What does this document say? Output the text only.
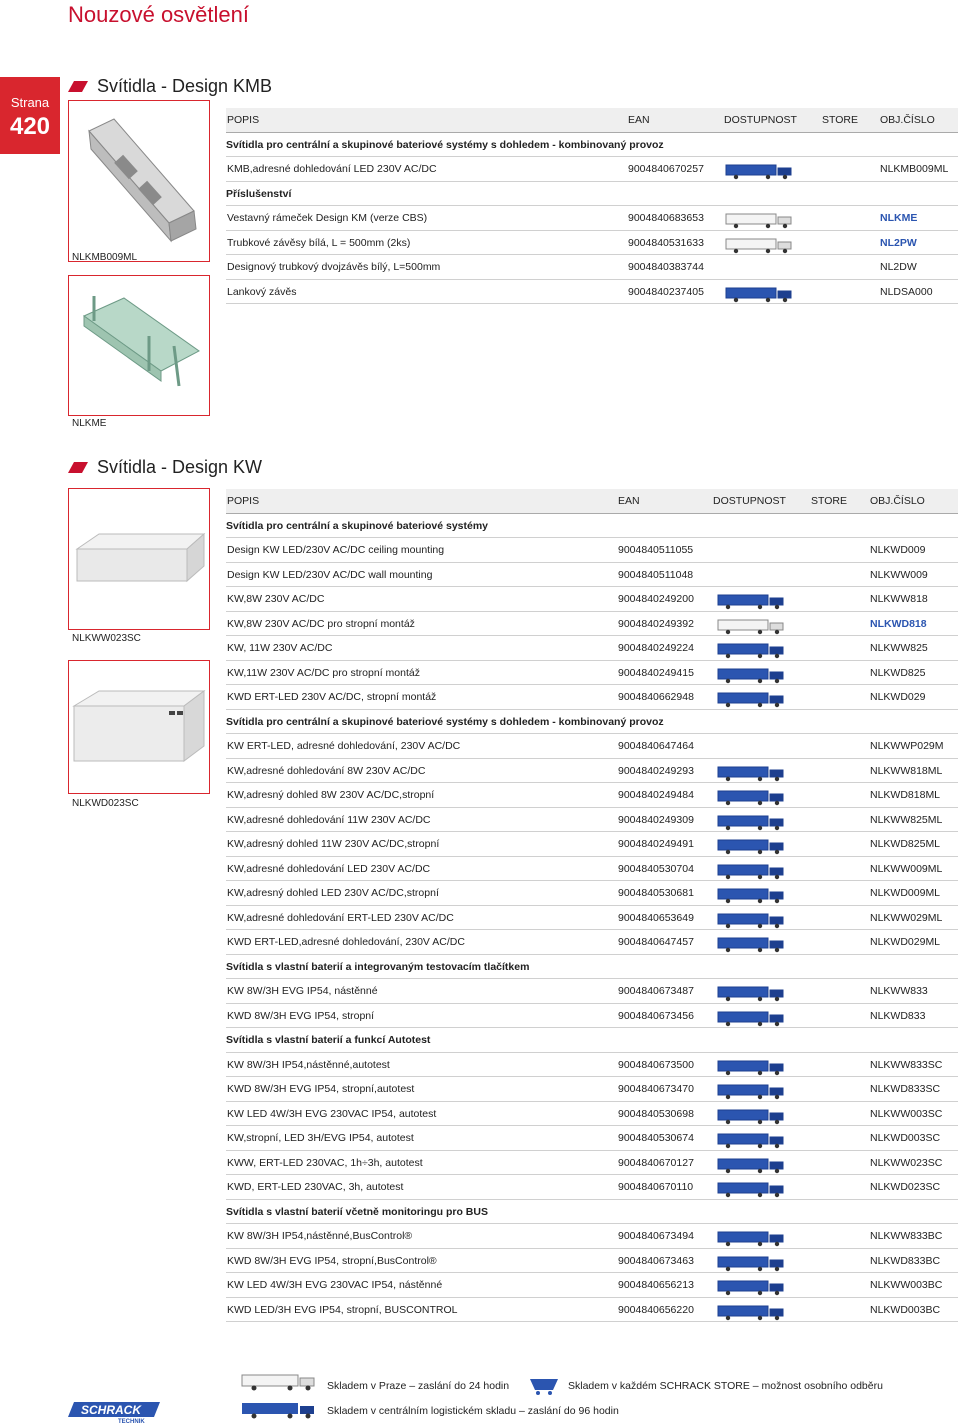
Nouzové osvětlení
Strana
420
Svítidla - Design KMB
NLKMB009ML
NLKME
POPIS	EAN	DOSTUPNOST STORE OBJ.ČÍSLO
Svítidla pro centrální a skupinové bateriové systémy s dohledem - kombinovaný provoz
KMB,adresné dohledování LED 230V AC/DC	9004840670257	NLKMB009ML
Příslušenství
Vestavný rámeček Design KM (verze CBS)	9004840683653	NLKME
Trubkové závěsy bílá, L = 500mm (2ks)	9004840531633	NL2PW
Designový trubkový dvojzávěs bílý, L=500mm	9004840383744	NL2DW
Lankový závěs	9004840237405	NLDSA000
Svítidla - Design KW
NLKWW023SC
NLKWD023SC
POPIS	EAN	DOSTUPNOST STORE OBJ.ČÍSLO
Svítidla pro centrální a skupinové bateriové systémy
Design KW LED/230V AC/DC ceiling mounting	9004840511055	NLKWD009
Design KW LED/230V AC/DC wall mounting	9004840511048	NLKWW009
KW,8W 230V AC/DC	9004840249200	NLKWW818
KW,8W 230V AC/DC pro stropní montáž	9004840249392	NLKWD818
KW, 11W 230V AC/DC	9004840249224	NLKWW825
KW,11W 230V AC/DC pro stropní montáž	9004840249415	NLKWD825
KWD ERT-LED 230V AC/DC, stropní montáž	9004840662948	NLKWD029
Svítidla pro centrální a skupinové bateriové systémy s dohledem - kombinovaný provoz
KW ERT-LED, adresné dohledování, 230V AC/DC	9004840647464	NLKWWP029M
KW,adresné dohledování 8W 230V AC/DC	9004840249293	NLKWW818ML
KW,adresný dohled 8W 230V AC/DC,stropní	9004840249484	NLKWD818ML
KW,adresné dohledování 11W 230V AC/DC	9004840249309	NLKWW825ML
KW,adresný dohled 11W 230V AC/DC,stropní	9004840249491	NLKWD825ML
KW,adresné dohledování LED 230V AC/DC	9004840530704	NLKWW009ML
KW,adresný dohled LED 230V AC/DC,stropní	9004840530681	NLKWD009ML
KW,adresné dohledování ERT-LED 230V AC/DC	9004840653649	NLKWW029ML
KWD ERT-LED,adresné dohledování, 230V AC/DC	9004840647457	NLKWD029ML
Svítidla s vlastní baterií a integrovaným testovacím tlačítkem
KW 8W/3H EVG IP54, nástěnné	9004840673487	NLKWW833
KWD 8W/3H EVG IP54, stropní	9004840673456	NLKWD833
Svítidla s vlastní baterií a funkcí Autotest
KW 8W/3H IP54,nástěnné,autotest	9004840673500	NLKWW833SC
KWD 8W/3H EVG IP54, stropní,autotest	9004840673470	NLKWD833SC
KW LED 4W/3H EVG 230VAC IP54, autotest	9004840530698	NLKWW003SC
KW,stropní, LED 3H/EVG IP54, autotest	9004840530674	NLKWD003SC
KWW, ERT-LED 230VAC, 1h÷3h, autotest	9004840670127	NLKWW023SC
KWD, ERT-LED 230VAC, 3h, autotest	9004840670110	NLKWD023SC
Svítidla s vlastní baterií včetně monitoringu pro BUS
KW 8W/3H IP54,nástěnné,BusControl®	9004840673494	NLKWW833BC
KWD 8W/3H EVG IP54, stropní,BusControl®	9004840673463	NLKWD833BC
KW LED 4W/3H EVG 230VAC IP54, nástěnné	9004840656213	NLKWW003BC
KWD LED/3H EVG IP54, stropní, BUSCONTROL	9004840656220	NLKWD003BC
SCHRACK
TECHNIK
Skladem v Praze – zaslání do 24 hodin	Skladem v každém SCHRACK STORE – možnost osobního odběru
Skladem v centrálním logistickém skladu – zaslání do 96 hodin
